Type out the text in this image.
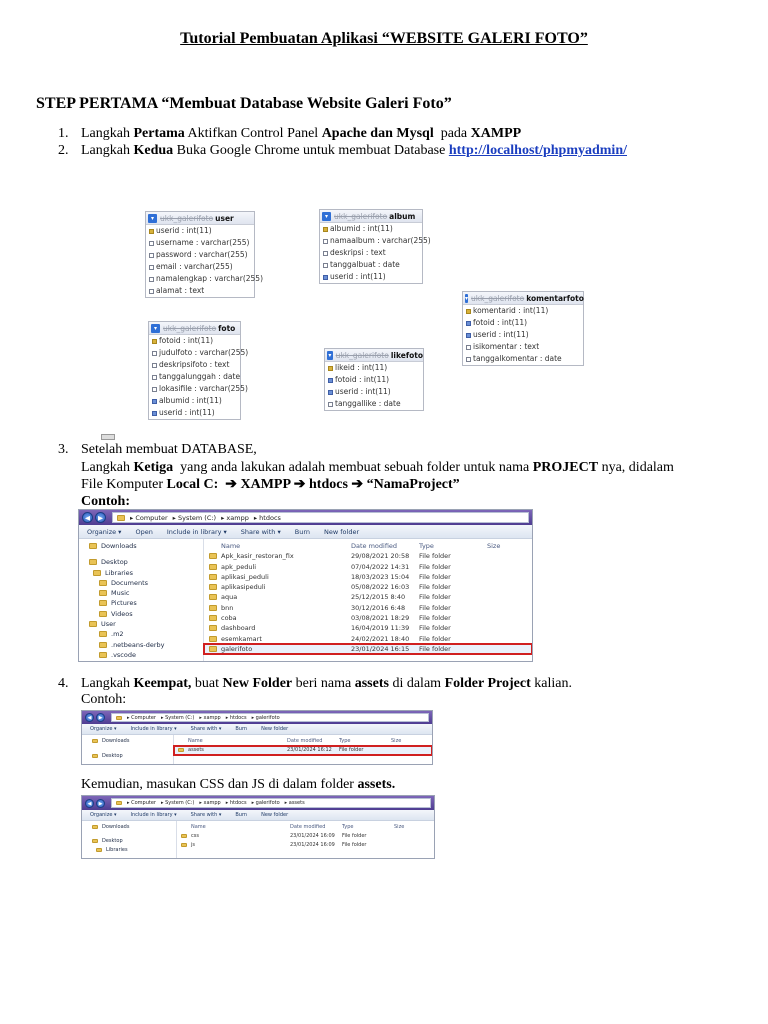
Tutorial Pembuatan Aplikasi “WEBSITE GALERI FOTO”
STEP PERTAMA “Membuat Database Website Galeri Foto”
1. Langkah Pertama Aktifkan Control Panel Apache dan Mysql  pada XAMPP
2. Langkah Kedua Buka Google Chrome untuk membuat Database http://localhost/phpmyadmin/
▾ ukk_galerifoto user
userid : int(11)
username : varchar(255)
password : varchar(255)
email : varchar(255)
namalengkap : varchar(255)
alamat : text
▾ ukk_galerifoto album
albumid : int(11)
namaalbum : varchar(255)
deskripsi : text
tanggalbuat : date
userid : int(11)
▾ ukk_galerifoto komentarfoto
komentarid : int(11)
fotoid : int(11)
userid : int(11)
isikomentar : text
tanggalkomentar : date
▾ ukk_galerifoto foto
fotoid : int(11)
judulfoto : varchar(255)
deskripsifoto : text
tanggalunggah : date
lokasifile : varchar(255)
albumid : int(11)
userid : int(11)
▾ ukk_galerifoto likefoto
likeid : int(11)
fotoid : int(11)
userid : int(11)
tanggallike : date
3. Setelah membuat DATABASE,
Langkah Ketiga  yang anda lakukan adalah membuat sebuah folder untuk nama PROJECT nya, didalam
File Komputer Local C:  ➔ XAMPP ➔ htdocs ➔ “NamaProject”
Contoh:
◀	▶	▸ Computer ▸ System (C:) ▸ xampp ▸ htdocs
Organize ▾ Open Include in library ▾ Share with ▾ Burn New folder
Downloads
Desktop
Libraries
Documents
Music
Pictures
Videos
User
.m2
.netbeans-derby
.vscode
Name	Date modified	Type	Size
Apk_kasir_restoran_fix	29/08/2021 20:58	File folder
apk_peduli	07/04/2022 14:31	File folder
aplikasi_peduli	18/03/2023 15:04	File folder
aplikasipeduli	05/08/2022 16:03	File folder
aqua	25/12/2015 8:40	File folder
bnn	30/12/2016 6:48	File folder
coba	03/08/2021 18:29	File folder
dashboard	16/04/2019 11:39	File folder
esemkamart	24/02/2021 18:40	File folder
galerifoto	23/01/2024 16:15	File folder
4. Langkah Keempat, buat New Folder beri nama assets di dalam Folder Project kalian.
Contoh:
◀	▶	▸ Computer ▸ System (C:) ▸ xampp ▸ htdocs ▸ galerifoto
Organize ▾	Include in library ▾	Share with ▾	Burn	New folder
Downloads
Desktop
Name	Date modified	Type	Size
assets	23/01/2024 16:12	File folder
Kemudian, masukan CSS dan JS di dalam folder assets.
◀	▶	▸ Computer ▸ System (C:) ▸ xampp ▸ htdocs ▸ galerifoto ▸ assets
Organize ▾	Include in library ▾	Share with ▾	Burn	New folder
Downloads
Desktop
Libraries
Name	Date modified	Type	Size
css	23/01/2024 16:09	File folder
js	23/01/2024 16:09	File folder
